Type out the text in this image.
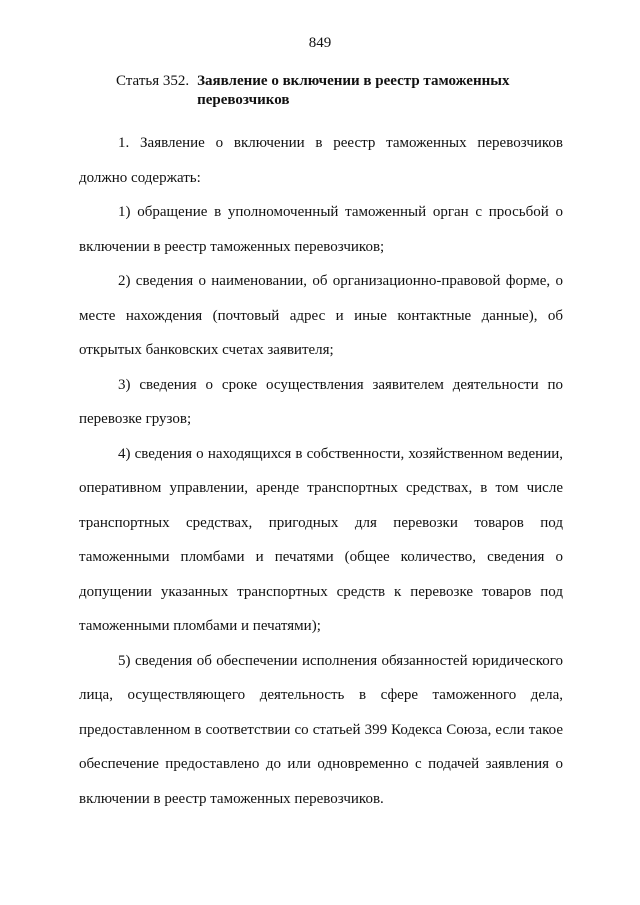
849
Статья 352. Заявление о включении в реестр таможенных перевозчиков

1. Заявление о включении в реестр таможенных перевозчиков должно содержать:

1) обращение в уполномоченный таможенный орган с просьбой о включении в реестр таможенных перевозчиков;

2) сведения о наименовании, об организационно-правовой форме, о месте нахождения (почтовый адрес и иные контактные данные), об открытых банковских счетах заявителя;

3) сведения о сроке осуществления заявителем деятельности по перевозке грузов;

4) сведения о находящихся в собственности, хозяйственном ведении, оперативном управлении, аренде транспортных средствах, в том числе транспортных средствах, пригодных для перевозки товаров под таможенными пломбами и печатями (общее количество, сведения о допущении указанных транспортных средств к перевозке товаров под таможенными пломбами и печатями);

5) сведения об обеспечении исполнения обязанностей юридического лица, осуществляющего деятельность в сфере таможенного дела, предоставленном в соответствии со статьей 399 Кодекса Союза, если такое обеспечение предоставлено до или одновременно с подачей заявления о включении в реестр таможенных перевозчиков.
